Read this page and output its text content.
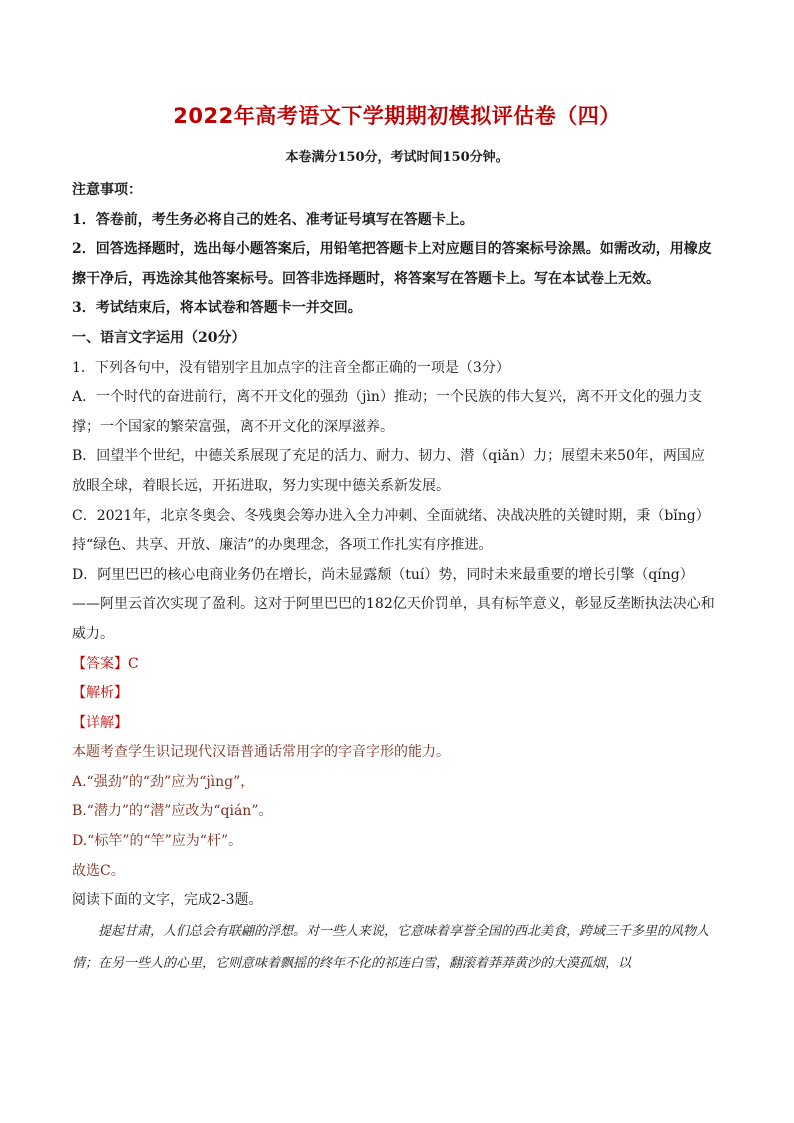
2022年高考语文下学期期初模拟评估卷（四）
本卷满分150分，考试时间150分钟。

注意事项：

1．答卷前，考生务必将自己的姓名、准考证号填写在答题卡上。

2．回答选择题时，选出每小题答案后，用铅笔把答题卡上对应题目的答案标号涂黑。如需改动，用橡皮擦干净后，再选涂其他答案标号。回答非选择题时，将答案写在答题卡上。写在本试卷上无效。

3．考试结束后，将本试卷和答题卡一并交回。

一、语言文字运用（20分）

1．下列各句中，没有错别字且加点字的注音全都正确的一项是（3分）

A．一个时代的奋进前行，离不开文化的强劲（jìn）推动；一个民族的伟大复兴，离不开文化的强力支撑；一个国家的繁荣富强，离不开文化的深厚滋养。

B．回望半个世纪，中德关系展现了充足的活力、耐力、韧力、潜（qiǎn）力；展望未来50年，两国应放眼全球，着眼长远，开拓进取，努力实现中德关系新发展。

C．2021年，北京冬奥会、冬残奥会筹办进入全力冲刺、全面就绪、决战决胜的关键时期，秉（bǐng）持“绿色、共享、开放、廉洁”的办奥理念，各项工作扎实有序推进。

D．阿里巴巴的核心电商业务仍在增长，尚未显露颓（tuí）势，同时未来最重要的增长引擎（qíng）——阿里云首次实现了盈利。这对于阿里巴巴的182亿天价罚单，具有标竿意义，彰显反垄断执法决心和威力。

【答案】C

【解析】

【详解】

本题考查学生识记现代汉语普通话常用字的字音字形的能力。

A.“强劲”的“劲”应为“jìng”，

B.“潜力”的“潜”应改为“qián”。

D.“标竿”的“竿”应为“杆”。

故选C。

阅读下面的文字，完成2-3题。

提起甘肃，人们总会有联翩的浮想。对一些人来说，它意味着享誉全国的西北美食，跨域三千多里的风物人情；在另一些人的心里，它则意味着飘摇的终年不化的祁连白雪，翻滚着莽莽黄沙的大漠孤烟，以
